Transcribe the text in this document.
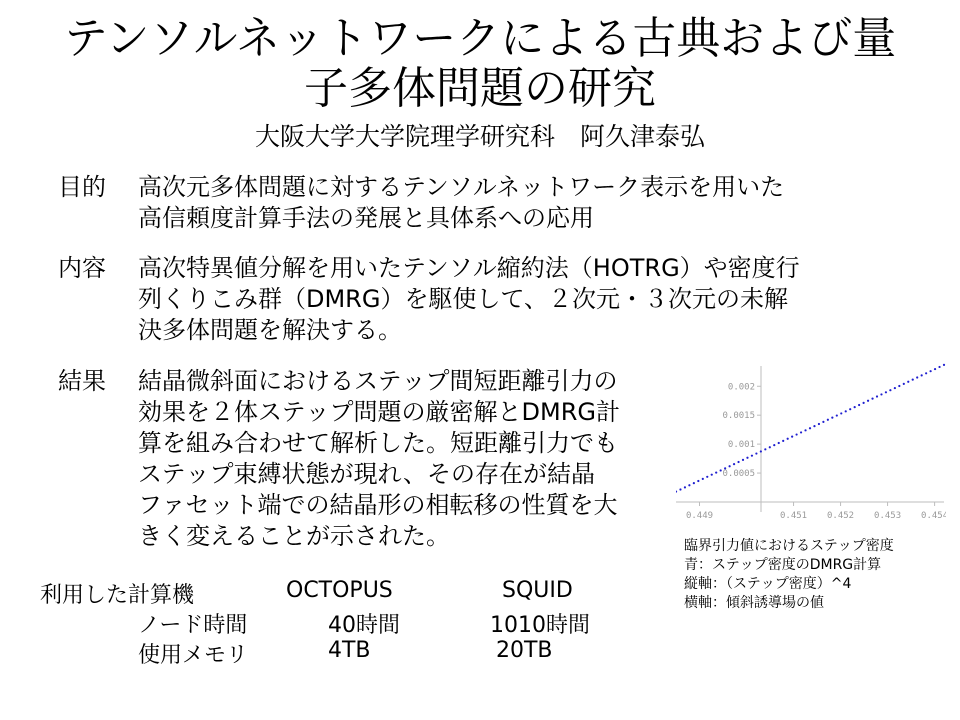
テンソルネットワークによる古典および量
子多体問題の研究
大阪大学大学院理学研究科　阿久津泰弘
目的	高次元多体問題に対するテンソルネットワーク表示を用いた
高信頼度計算手法の発展と具体系への応用
内容	高次特異値分解を用いたテンソル縮約法（HOTRG）や密度行
列くりこみ群（DMRG）を駆使して、２次元・３次元の未解
決多体問題を解決する。
結果	結晶微斜面におけるステップ間短距離引力の
効果を２体ステップ問題の厳密解とDMRG計
算を組み合わせて解析した。短距離引力でも
ステップ束縛状態が現れ、その存在が結晶
ファセット端での結晶形の相転移の性質を大
きく変えることが示された。
0.0005
0.001
0.0015
0.002
0.449	0.451 0.452 0.453 0.454
臨界引力値におけるステップ密度
青：ステップ密度のDMRG計算
縦軸：（ステップ密度）^4
横軸：傾斜誘導場の値
利用した計算機	OCTOPUS	SQUID
ノード時間	40時間	1010時間
使用メモリ	4TB	20TB
